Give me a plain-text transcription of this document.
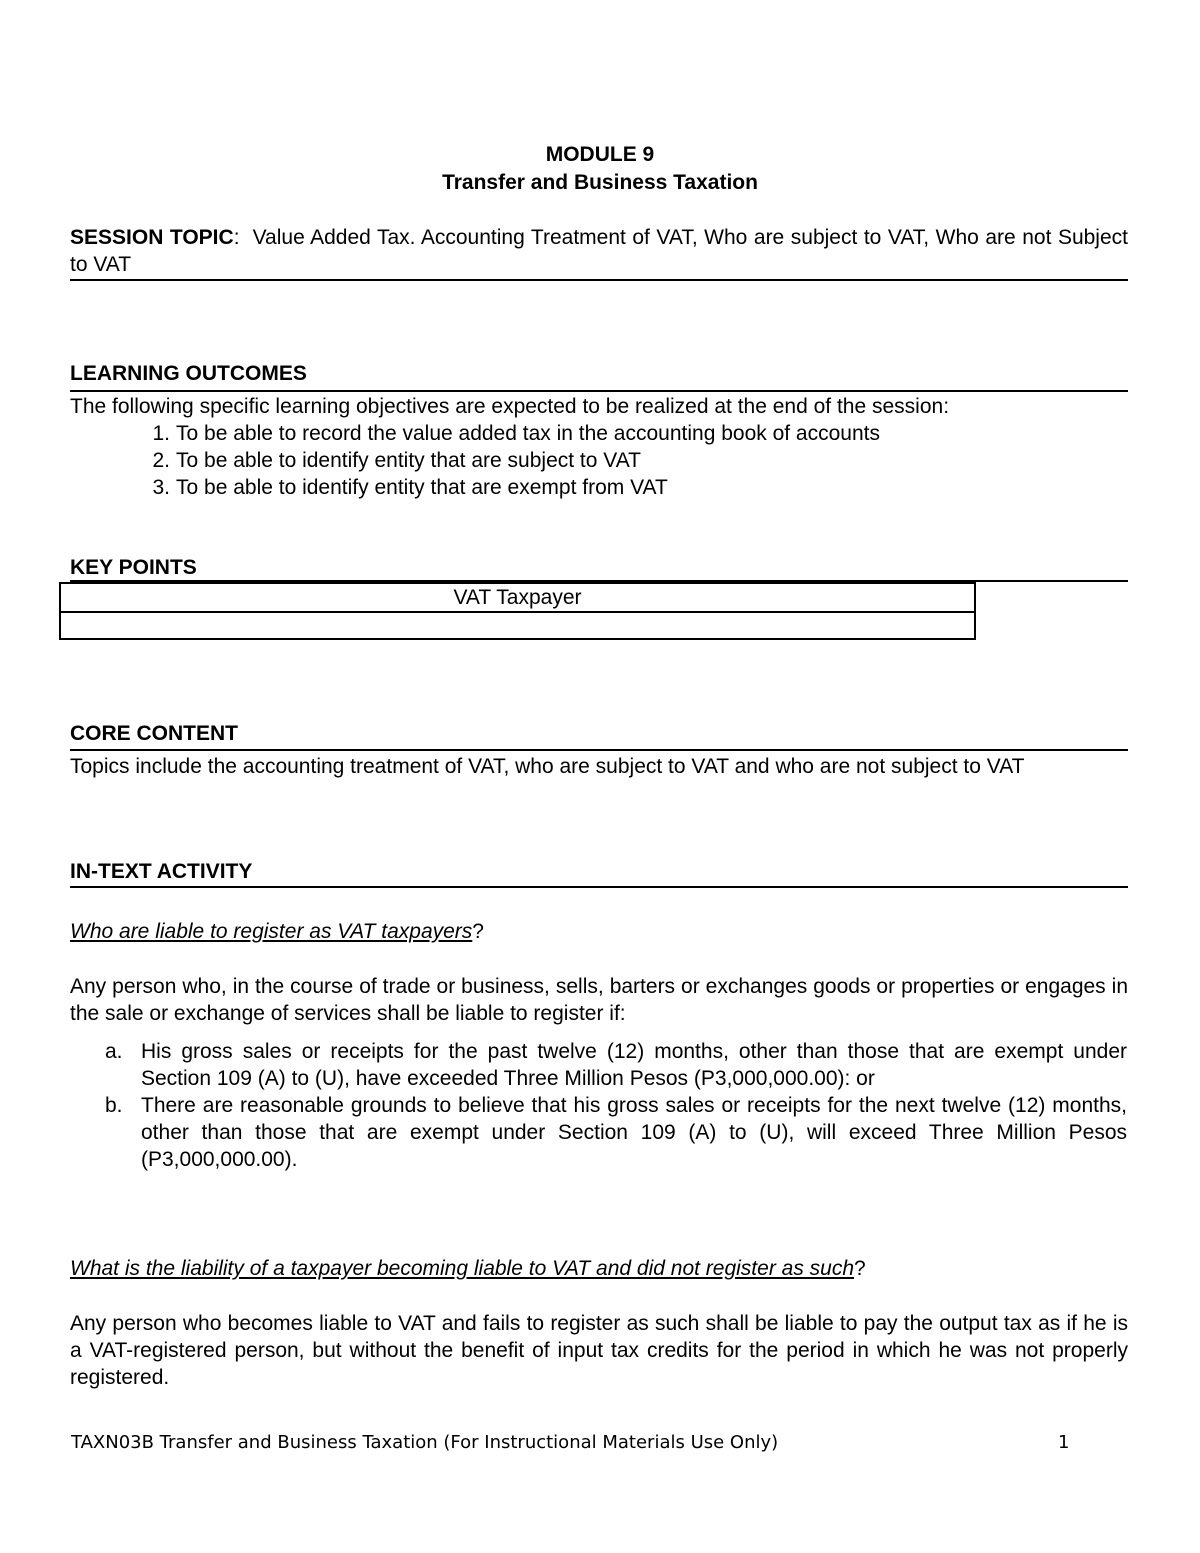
MODULE 9
Transfer and Business Taxation
SESSION TOPIC:  Value Added Tax. Accounting Treatment of VAT, Who are subject to VAT, Who are not Subject to VAT
LEARNING OUTCOMES
The following specific learning objectives are expected to be realized at the end of the session:
1. To be able to record the value added tax in the accounting book of accounts
2. To be able to identify entity that are subject to VAT
3. To be able to identify entity that are exempt from VAT
KEY POINTS
VAT Taxpayer

CORE CONTENT
Topics include the accounting treatment of VAT, who are subject to VAT and who are not subject to VAT
IN-TEXT ACTIVITY
Who are liable to register as VAT taxpayers?
Any person who, in the course of trade or business, sells, barters or exchanges goods or properties or engages in the sale or exchange of services shall be liable to register if:
a. His gross sales or receipts for the past twelve (12) months, other than those that are exempt under Section 109 (A) to (U), have exceeded Three Million Pesos (P3,000,000.00): or
b. There are reasonable grounds to believe that his gross sales or receipts for the next twelve (12) months, other than those that are exempt under Section 109 (A) to (U), will exceed Three Million Pesos (P3,000,000.00).
What is the liability of a taxpayer becoming liable to VAT and did not register as such?
Any person who becomes liable to VAT and fails to register as such shall be liable to pay the output tax as if he is a VAT-registered person, but without the benefit of input tax credits for the period in which he was not properly registered.
TAXN03B Transfer and Business Taxation (For Instructional Materials Use Only)	1
